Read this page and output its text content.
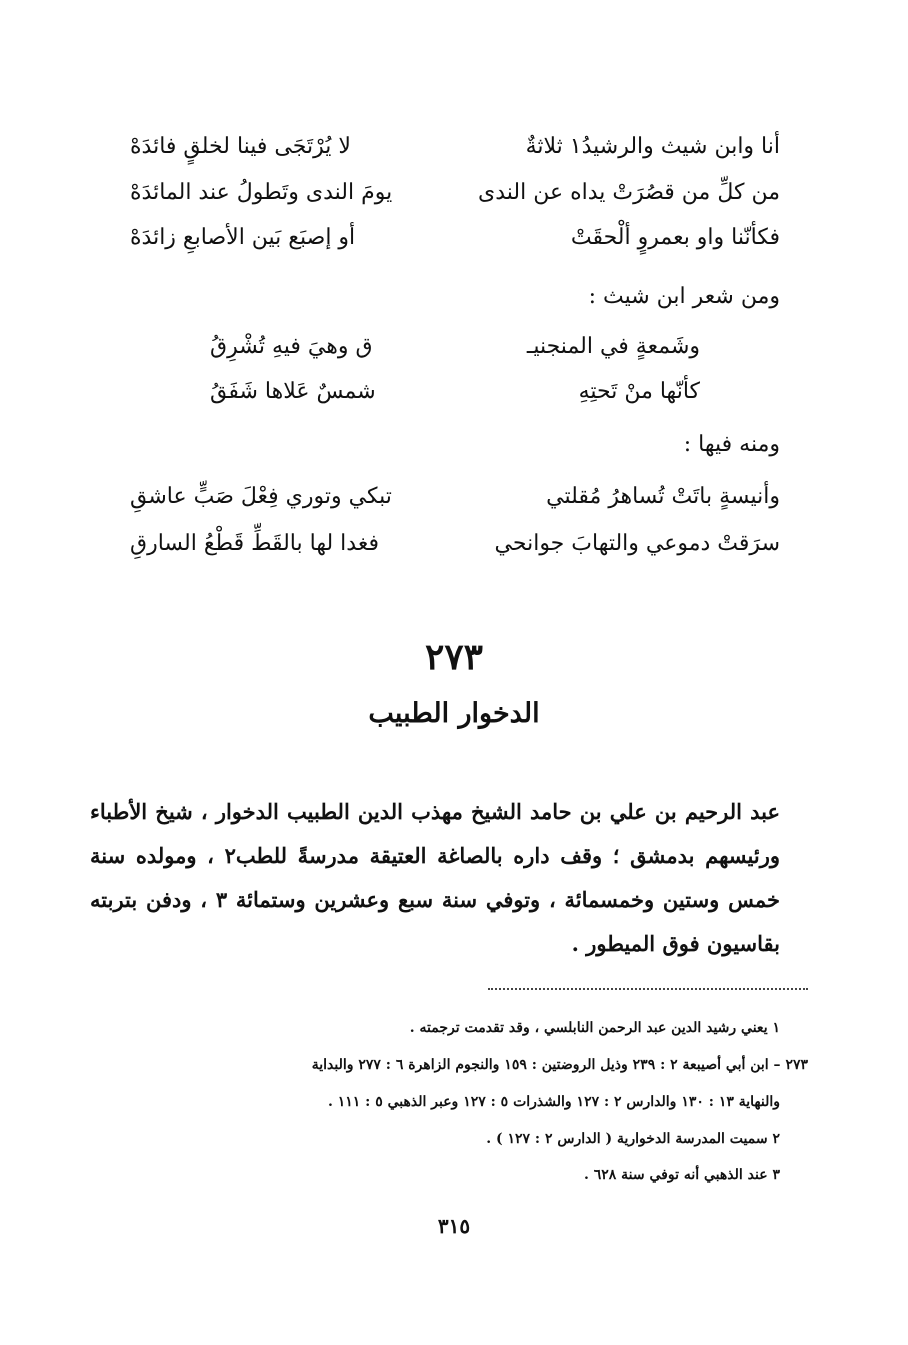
أنا وابن شيث والرشيدُ١ ثلاثةٌ
لا يُرْتَجَى فينا لخلقٍ فائدَهْ
من كلِّ من قصُرَتْ يداه عن الندى
يومَ الندى وتَطولُ عند المائدَهْ
فكأنّنا واو بعمروٍ ألْحقَتْ
أو إصبَع بَين الأصابعِ زائدَهْ
ومن شعر ابن شيث :
وشَمعةٍ في المنجنيـ
ق وهيَ فيهِ تُشْرِقُ
كأنّها منْ تَحتِهِ
شمسٌ عَلاها شَفَقُ
ومنه فيها :
وأنيسةٍ باتَتْ تُساهرُ مُقلتي
تبكي وتوري فِعْلَ صَبٍّ عاشقِ
سرَقتْ دموعي والتهابَ جوانحي
فغدا لها بالقَطِّ قَطْعُ السارقِ
٢٧٣
الدخوار الطبيب
عبد الرحيم بن علي بن حامد الشيخ مهذب الدين الطبيب الدخوار ، شيخ الأطباء ورئيسهم بدمشق ؛ وقف داره بالصاغة العتيقة مدرسةً للطب٢ ، ومولده سنة خمس وستين وخمسمائة ، وتوفي سنة سبع وعشرين وستمائة ٣ ، ودفن بتربته بقاسيون فوق الميطور .
١ يعني رشيد الدين عبد الرحمن النابلسي ، وقد تقدمت ترجمته .
٢٧٣ – ابن أبي أصيبعة ٢ : ٢٣٩ وذيل الروضتين : ١٥٩ والنجوم الزاهرة ٦ : ٢٧٧ والبداية
والنهاية ١٣ : ١٣٠ والدارس ٢ : ١٢٧ والشذرات ٥ : ١٢٧ وعبر الذهبي ٥ : ١١١ .
٢ سميت المدرسة الدخوارية ( الدارس ٢ : ١٢٧ ) .
٣ عند الذهبي أنه توفي سنة ٦٢٨ .
٣١٥
